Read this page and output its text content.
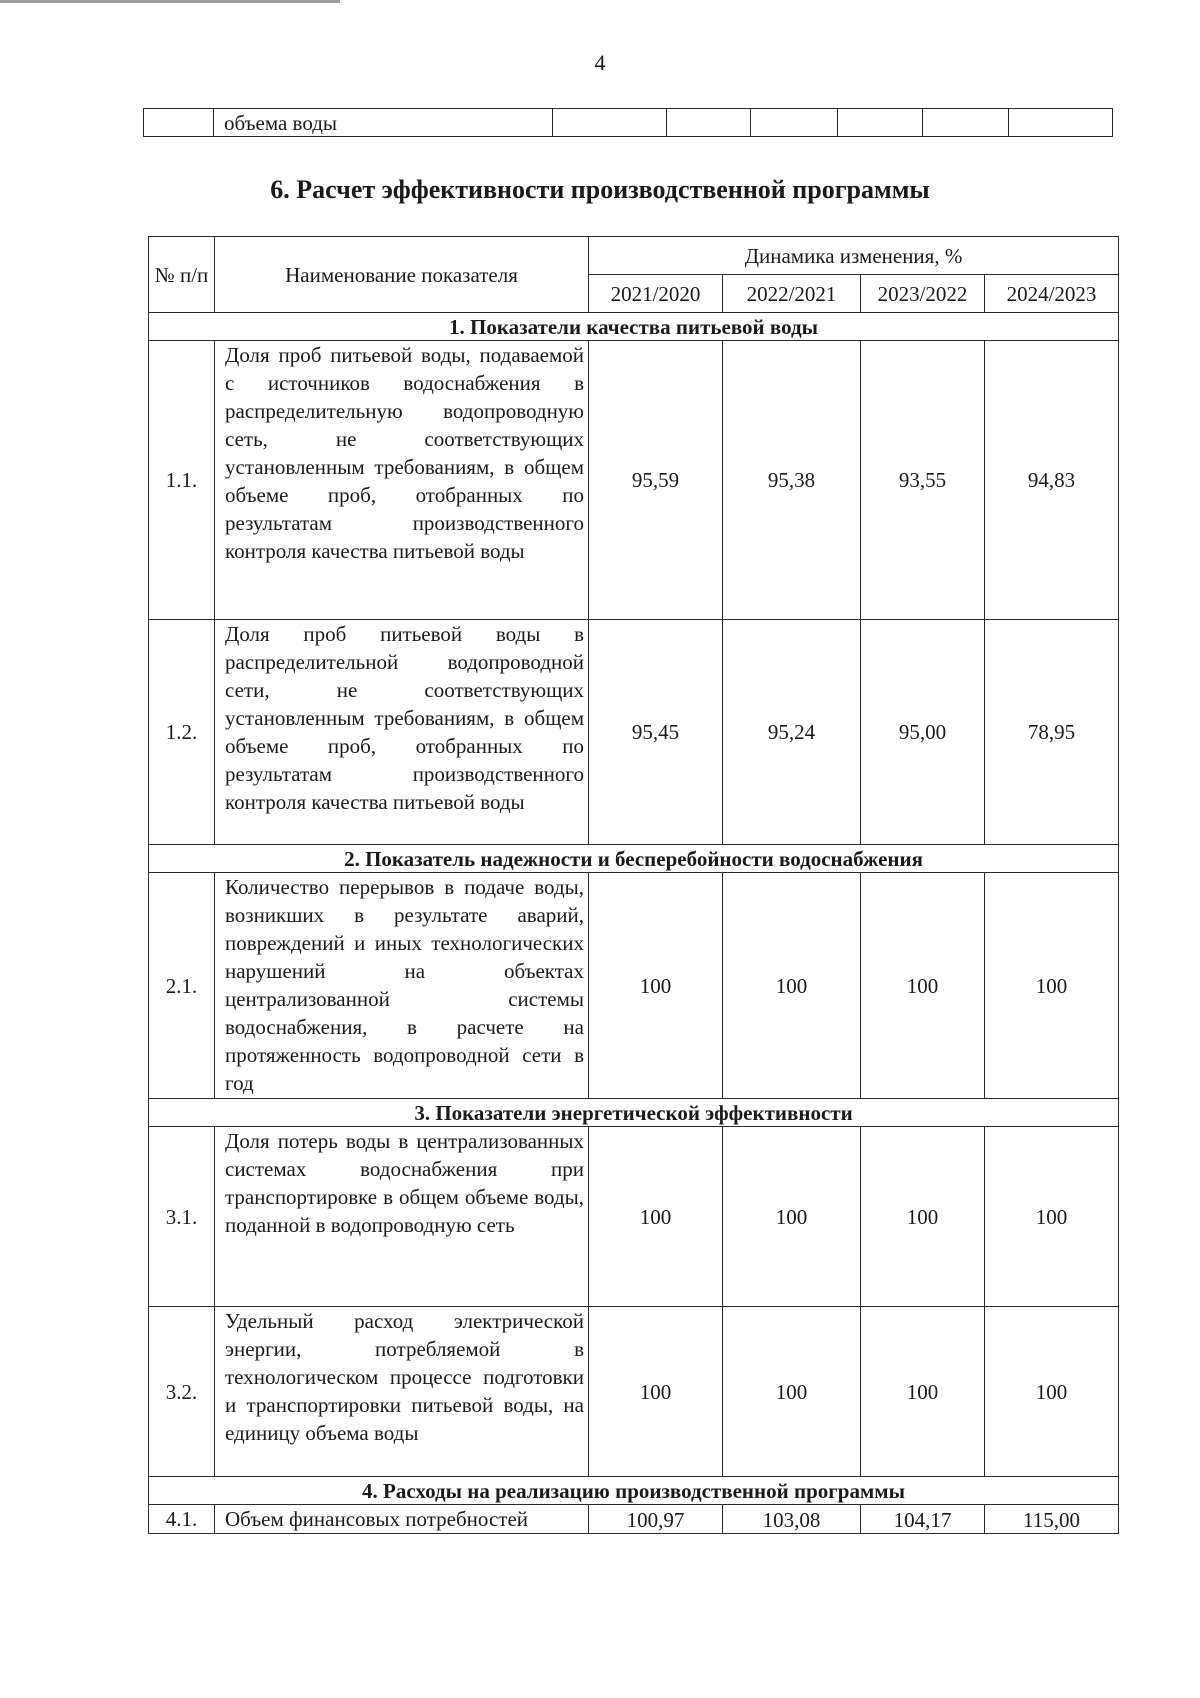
4
	объема воды						
6. Расчет эффективности производственной программы
№ п/п	Наименование показателя	Динамика изменения, %			
		2021/2020	2022/2021	2023/2022	2024/2023
1. Показатели качества питьевой воды					
1.1.	Доля проб питьевой воды, подаваемой с источников водоснабжения в распределительную водопроводную сеть, не соответствующих установленным требованиям, в общем объеме проб, отобранных по результатам производственного контроля качества питьевой воды	95,59	95,38	93,55	94,83
1.2.	Доля проб питьевой воды в распределительной водопроводной сети, не соответствующих установленным требованиям, в общем объеме проб, отобранных по результатам производственного контроля качества питьевой воды	95,45	95,24	95,00	78,95
2. Показатель надежности и бесперебойности водоснабжения					
2.1.	Количество перерывов в подаче воды, возникших в результате аварий, повреждений и иных технологических нарушений на объектах централизованной системы водоснабжения, в расчете на протяженность водопроводной сети в год	100	100	100	100
3. Показатели энергетической эффективности					
3.1.	Доля потерь воды в централизованных системах водоснабжения при транспортировке в общем объеме воды, поданной в водопроводную сеть	100	100	100	100
3.2.	Удельный расход электрической энергии, потребляемой в технологическом процессе подготовки и транспортировки питьевой воды, на единицу объема воды	100	100	100	100
4. Расходы на реализацию производственной программы					
4.1.	Объем финансовых потребностей	100,97	103,08	104,17	115,00
